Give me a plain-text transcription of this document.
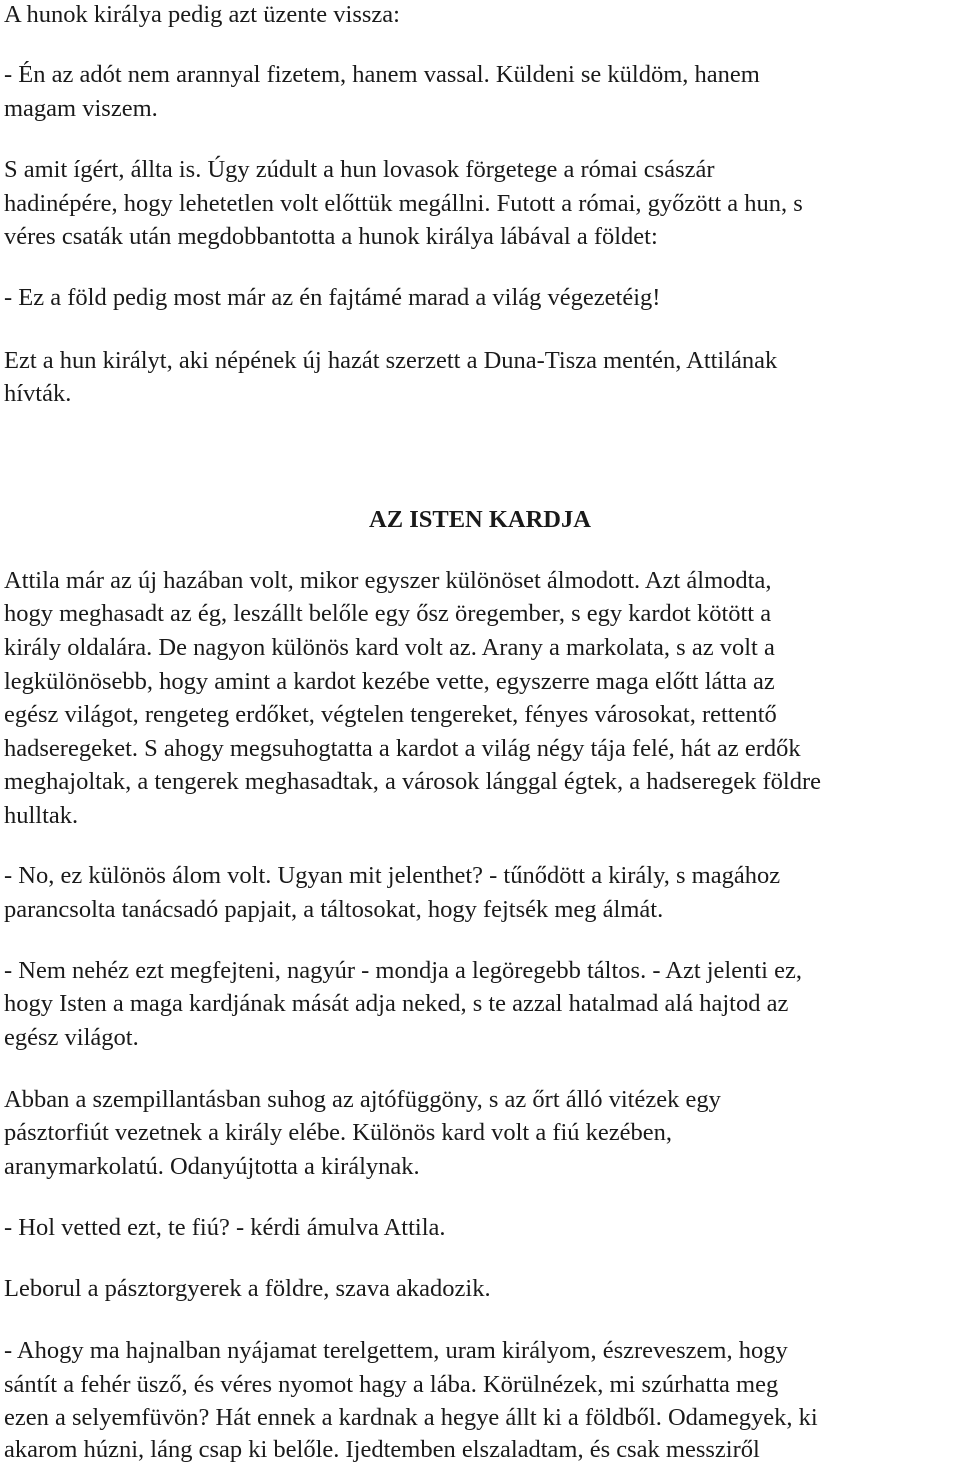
A hunok királya pedig azt üzente vissza:
- Én az adót nem arannyal fizetem, hanem vassal. Küldeni se küldöm, hanem
magam viszem.
S amit ígért, állta is. Úgy zúdult a hun lovasok förgetege a római császár
hadinépére, hogy lehetetlen volt előttük megállni. Futott a római, győzött a hun, s
véres csaták után megdobbantotta a hunok királya lábával a földet:
- Ez a föld pedig most már az én fajtámé marad a világ végezetéig!
Ezt a hun királyt, aki népének új hazát szerzett a Duna-Tisza mentén, Attilának
hívták.
AZ ISTEN KARDJA
Attila már az új hazában volt, mikor egyszer különöset álmodott. Azt álmodta,
hogy meghasadt az ég, leszállt belőle egy ősz öregember, s egy kardot kötött a
király oldalára. De nagyon különös kard volt az. Arany a markolata, s az volt a
legkülönösebb, hogy amint a kardot kezébe vette, egyszerre maga előtt látta az
egész világot, rengeteg erdőket, végtelen tengereket, fényes városokat, rettentő
hadseregeket. S ahogy megsuhogtatta a kardot a világ négy tája felé, hát az erdők
meghajoltak, a tengerek meghasadtak, a városok lánggal égtek, a hadseregek földre
hulltak.
- No, ez különös álom volt. Ugyan mit jelenthet? - tűnődött a király, s magához
parancsolta tanácsadó papjait, a táltosokat, hogy fejtsék meg álmát.
- Nem nehéz ezt megfejteni, nagyúr - mondja a legöregebb táltos. - Azt jelenti ez,
hogy Isten a maga kardjának mását adja neked, s te azzal hatalmad alá hajtod az
egész világot.
Abban a szempillantásban suhog az ajtófüggöny, s az őrt álló vitézek egy
pásztorfiút vezetnek a király elébe. Különös kard volt a fiú kezében,
aranymarkolatú. Odanyújtotta a királynak.
- Hol vetted ezt, te fiú? - kérdi ámulva Attila.
Leborul a pásztorgyerek a földre, szava akadozik.
- Ahogy ma hajnalban nyájamat terelgettem, uram királyom, észreveszem, hogy
sántít a fehér üsző, és véres nyomot hagy a lába. Körülnézek, mi szúrhatta meg
ezen a selyemfüvön? Hát ennek a kardnak a hegye állt ki a földből. Odamegyek, ki
akarom húzni, láng csap ki belőle. Ijedtemben elszaladtam, és csak messziről
